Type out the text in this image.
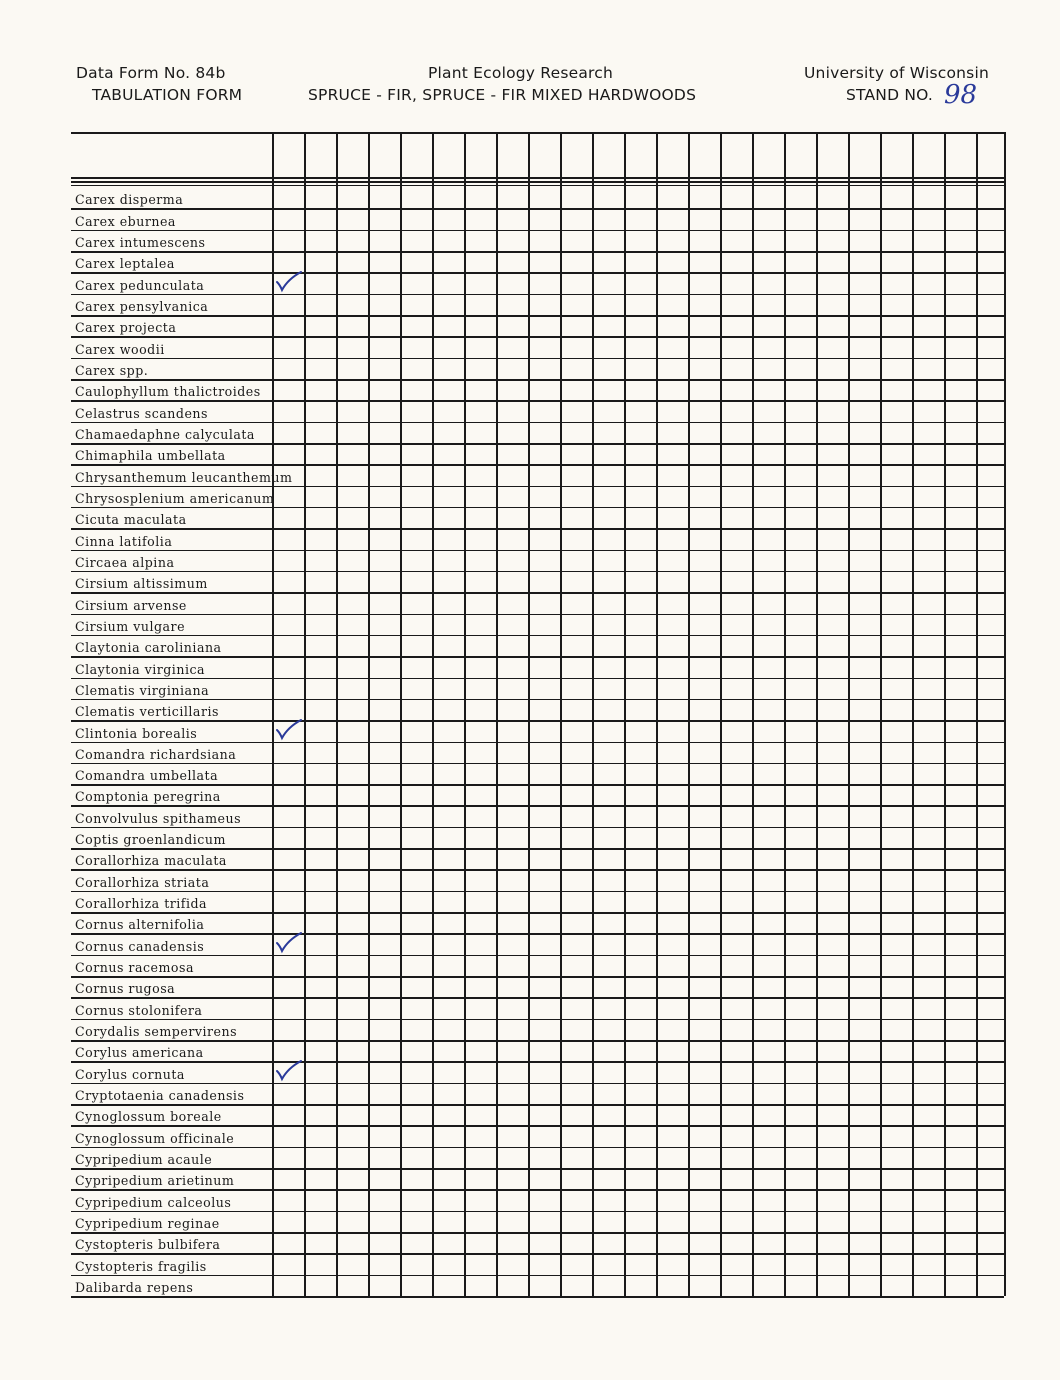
Data Form No. 84b
TABULATION FORM
Plant Ecology Research
SPRUCE - FIR, SPRUCE - FIR MIXED HARDWOODS
University of Wisconsin
STAND NO. 98
Carex disperma
Carex eburnea
Carex intumescens
Carex leptalea
Carex pedunculata
Carex pensylvanica
Carex projecta
Carex woodii
Carex spp.
Caulophyllum thalictroides
Celastrus scandens
Chamaedaphne calyculata
Chimaphila umbellata
Chrysanthemum leucanthemum
Chrysosplenium americanum
Cicuta maculata
Cinna latifolia
Circaea alpina
Cirsium altissimum
Cirsium arvense
Cirsium vulgare
Claytonia caroliniana
Claytonia virginica
Clematis virginiana
Clematis verticillaris
Clintonia borealis
Comandra richardsiana
Comandra umbellata
Comptonia peregrina
Convolvulus spithameus
Coptis groenlandicum
Corallorhiza maculata
Corallorhiza striata
Corallorhiza trifida
Cornus alternifolia
Cornus canadensis
Cornus racemosa
Cornus rugosa
Cornus stolonifera
Corydalis sempervirens
Corylus americana
Corylus cornuta
Cryptotaenia canadensis
Cynoglossum boreale
Cynoglossum officinale
Cypripedium acaule
Cypripedium arietinum
Cypripedium calceolus
Cypripedium reginae
Cystopteris bulbifera
Cystopteris fragilis
Dalibarda repens
